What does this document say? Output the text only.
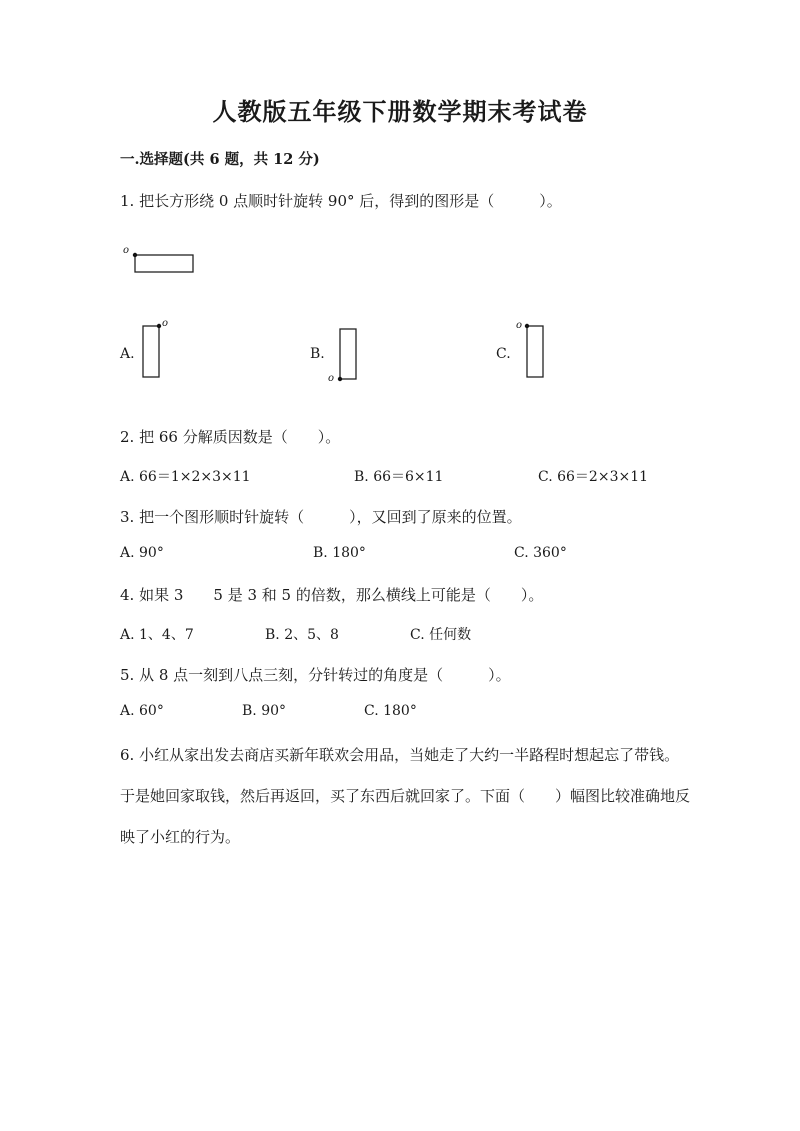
人教版五年级下册数学期末考试卷
一.选择题(共 6 题，共 12 分)
1. 把长方形绕 0 点顺时针旋转 90° 后，得到的图形是（　　　）。
o
A.
o
B.
o
C.
o
2. 把 66 分解质因数是（　　）。
A. 66＝1×2×3×11	B. 66＝6×11	C. 66＝2×3×11
3. 把一个图形顺时针旋转（　　　），又回到了原来的位置。
A. 90°	B. 180°	C. 360°
4. 如果 3　　5 是 3 和 5 的倍数，那么横线上可能是（　　）。
A. 1、4、7	B. 2、5、8	C. 任何数
5. 从 8 点一刻到八点三刻，分针转过的角度是（　　　）。
A. 60°	B. 90°	C. 180°
6. 小红从家出发去商店买新年联欢会用品，当她走了大约一半路程时想起忘了带钱。于是她回家取钱，然后再返回，买了东西后就回家了。下面（　　）幅图比较准确地反映了小红的行为。
